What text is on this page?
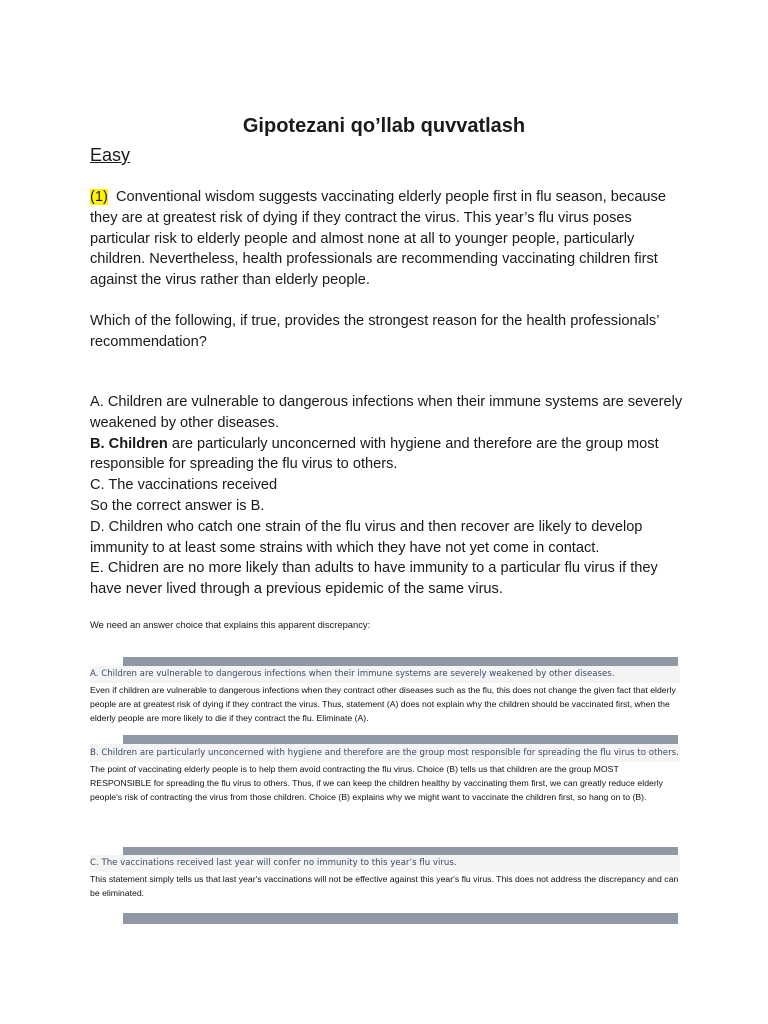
Gipotezani qo’llab quvvatlash
Easy

(1) Conventional wisdom suggests vaccinating elderly people first in flu season, because they are at greatest risk of dying if they contract the virus. This year’s flu virus poses particular risk to elderly people and almost none at all to younger people, particularly children. Nevertheless, health professionals are recommending vaccinating children first against the virus rather than elderly people.

Which of the following, if true, provides the strongest reason for the health professionals’ recommendation?
A. Children are vulnerable to dangerous infections when their immune systems are severely weakened by other diseases.
B. Children are particularly unconcerned with hygiene and therefore are the group most responsible for spreading the flu virus to others.
C. The vaccinations received
So the correct answer is B.
D. Children who catch one strain of the flu virus and then recover are likely to develop immunity to at least some strains with which they have not yet come in contact.
E. Chidren are no more likely than adults to have immunity to a particular flu virus if they have never lived through a previous epidemic of the same virus.
We need an answer choice that explains this apparent discrepancy:
A. Children are vulnerable to dangerous infections when their immune systems are severely weakened by other diseases.
Even if children are vulnerable to dangerous infections when they contract other diseases such as the flu, this does not change the given fact that elderly people are at greatest risk of dying if they contract the virus. Thus, statement (A) does not explain why the children should be vaccinated first, when the elderly people are more likely to die if they contract the flu. Eliminate (A).
B. Children are particularly unconcerned with hygiene and therefore are the group most responsible for spreading the flu virus to others.
The point of vaccinating elderly people is to help them avoid contracting the flu virus. Choice (B) tells us that children are the group MOST RESPONSIBLE for spreading the flu virus to others. Thus, if we can keep the children healthy by vaccinating them first, we can greatly reduce elderly people's risk of contracting the virus from those children. Choice (B) explains why we might want to vaccinate the children first, so hang on to (B).
C. The vaccinations received last year will confer no immunity to this year’s flu virus.
This statement simply tells us that last year's vaccinations will not be effective against this year's flu virus. This does not address the discrepancy and can be eliminated.
